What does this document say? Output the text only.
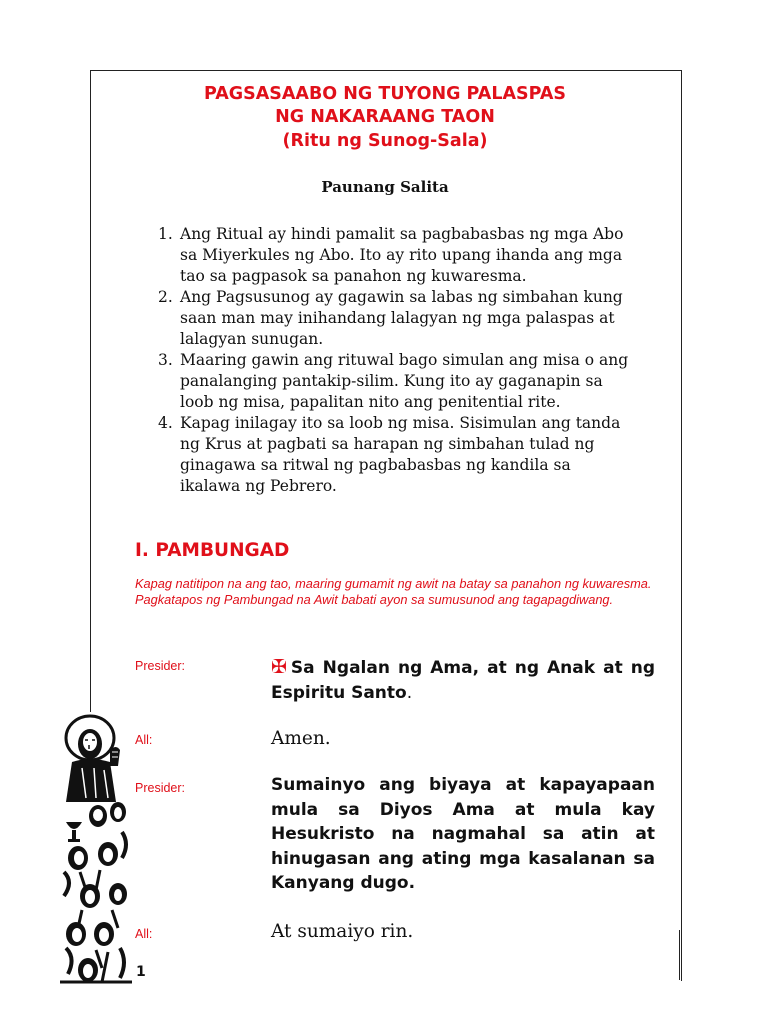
PAGSASAABO NG TUYONG PALASPAS
NG NAKARAANG TAON
(Ritu ng Sunog-Sala)
Paunang Salita
1. Ang Ritual ay hindi pamalit sa pagbabasbas ng mga Abo sa Miyerkules ng Abo. Ito ay rito upang ihanda ang mga tao sa pagpasok sa panahon ng kuwaresma.
2. Ang Pagsusunog ay gagawin sa labas ng simbahan kung saan man may inihandang lalagyan ng mga palaspas at lalagyan sunugan.
3. Maaring gawin ang rituwal bago simulan ang misa o ang panalanging pantakip-silim. Kung ito ay gaganapin sa loob ng misa, papalitan nito ang penitential rite.
4. Kapag inilagay ito sa loob ng misa. Sisimulan ang tanda ng Krus at pagbati sa harapan ng simbahan tulad ng ginagawa sa ritwal ng pagbabasbas ng kandila sa ikalawa ng Pebrero.
I. PAMBUNGAD
Kapag natitipon na ang tao, maaring gumamit ng awit na batay sa panahon ng kuwaresma. Pagkatapos ng Pambungad na Awit babati ayon sa sumusunod ang tagapagdiwang.
Presider:	✠ Sa Ngalan ng Ama, at ng Anak at ng Espiritu Santo.
All:	Amen.
Presider:	Sumainyo ang biyaya at kapayapaan mula sa Diyos Ama at mula kay Hesukristo na nagmahal sa atin at hinugasan ang ating mga kasalanan sa Kanyang dugo.
All:	At sumaiyo rin.
1
